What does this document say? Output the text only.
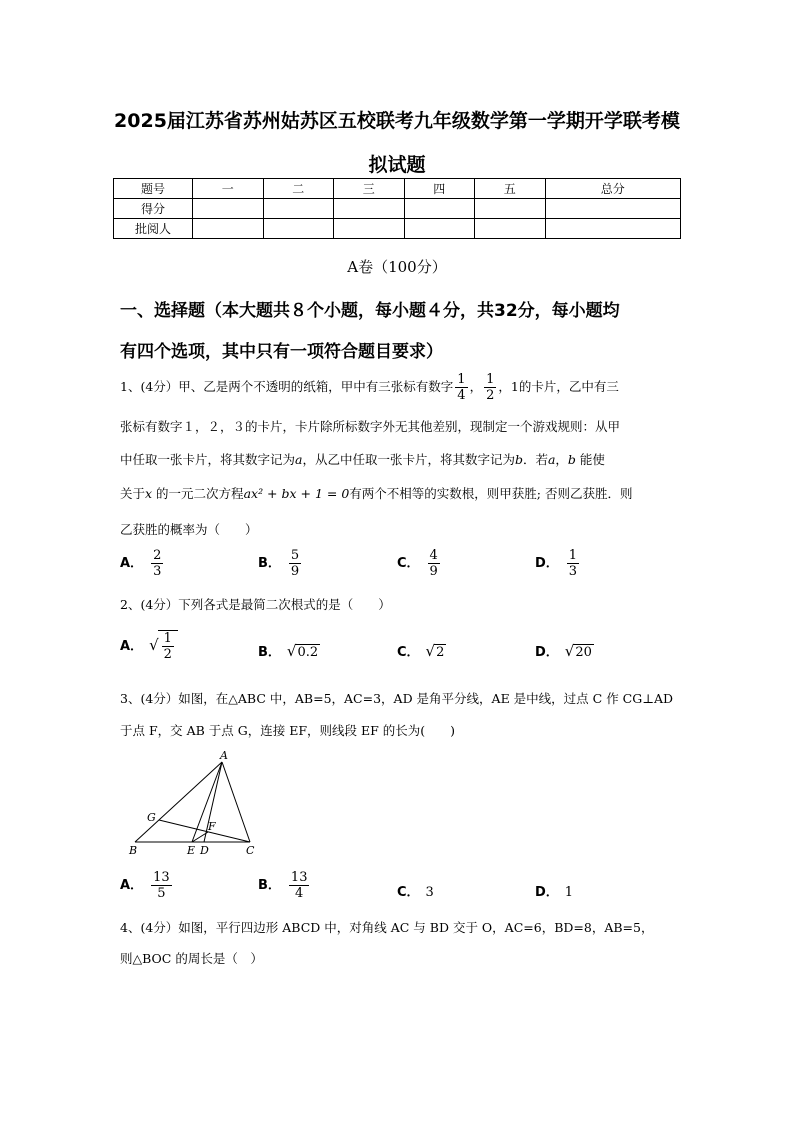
2025届江苏省苏州姑苏区五校联考九年级数学第一学期开学联考模
拟试题
题号	一	二	三	四	五	总分
得分						
批阅人						
A卷（100分）
一、选择题（本大题共８个小题，每小题４分，共32分，每小题均
有四个选项，其中只有一项符合题目要求）
1、(4分）甲、乙是两个不透明的纸箱，甲中有三张标有数字 $\frac{1}{4}$ ， $\frac{1}{2}$ ，1的卡片，乙中有三
张标有数字１，２，３的卡片，卡片除所标数字外无其他差别，现制定一个游戏规则：从甲
中任取一张卡片，将其数字记为𝑎，从乙中任取一张卡片，将其数字记为𝑏．若𝑎，𝑏 能使
关于x 的一元二次方程ax² + bx + 1 = 0有两个不相等的实数根，则甲获胜; 否则乙获胜．则
乙获胜的概率为（　　）
A． $\frac{2}{3}$	B． $\frac{5}{9}$	C． $\frac{4}{9}$	D． $\frac{1}{3}$
2、(4分）下列各式是最简二次根式的是（　　）
A． √ $\frac{1}{2}$	B． √0.2	C． √2	D． √20
3、(4分）如图，在△ABC 中，AB=5，AC=3，AD 是角平分线，AE 是中线，过点 C 作 CG⊥AD
于点 F，交 AB 于点 G，连接 EF，则线段 EF 的长为(　　)
A
G
F
B	E D	C
A． $\frac{13}{5}$	B． $\frac{13}{4}$	C． 3	D． 1
4、(4分）如图，平行四边形 ABCD 中，对角线 AC 与 BD 交于 O，AC=6，BD=8，AB=5，
则△BOC 的周长是（　）
